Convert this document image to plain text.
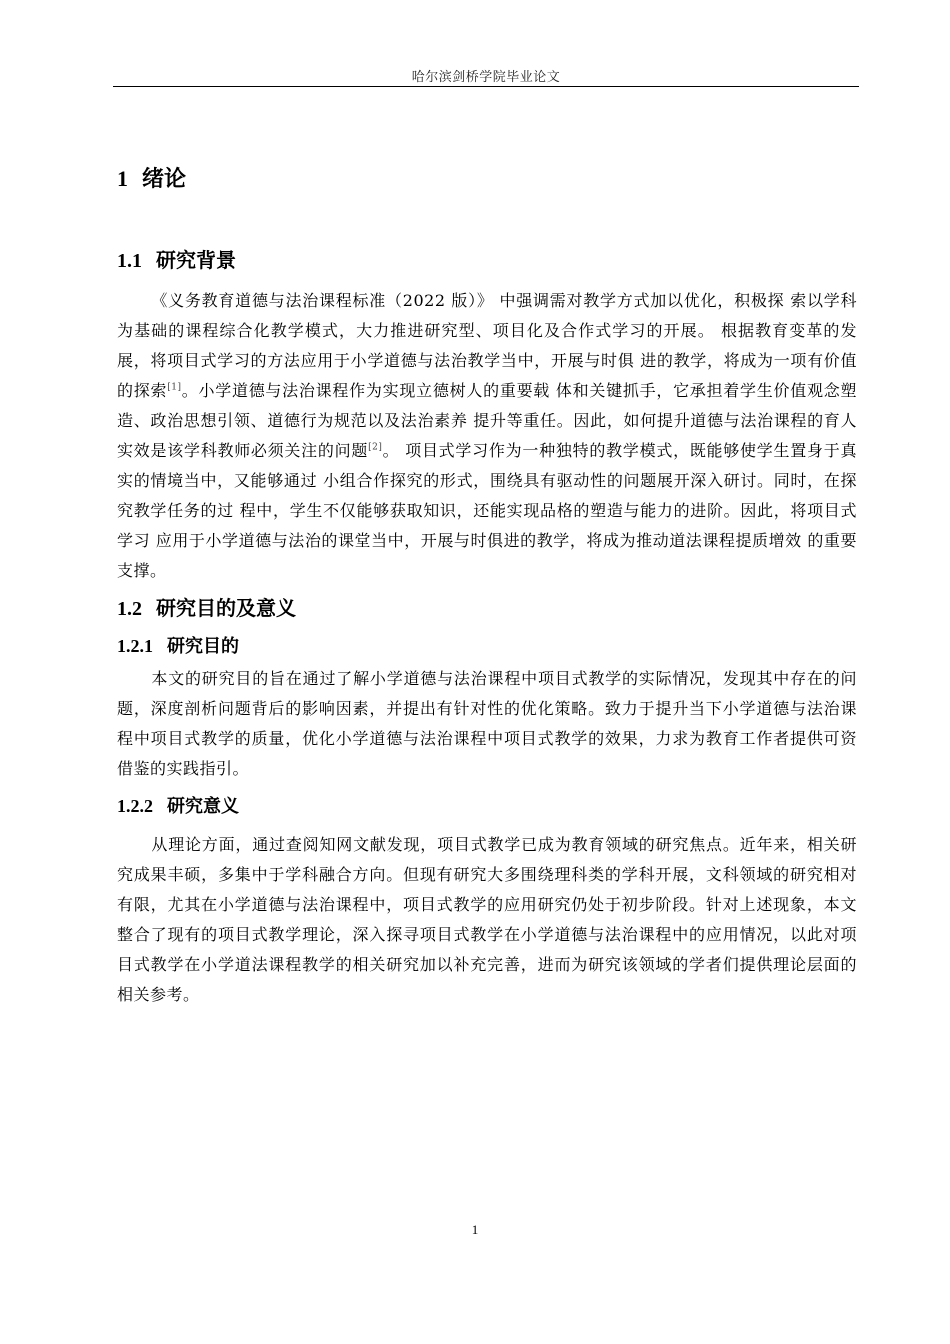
哈尔滨剑桥学院毕业论文
1 绪论
1.1 研究背景

《义务教育道德与法治课程标准（2022 版）》 中强调需对教学方式加以优化，积极探 索以学科为基础的课程综合化教学模式，大力推进研究型、项目化及合作式学习的开展。 根据教育变革的发展，将项目式学习的方法应用于小学道德与法治教学当中，开展与时俱 进的教学，将成为一项有价值的探索[1]。小学道德与法治课程作为实现立德树人的重要载 体和关键抓手，它承担着学生价值观念塑造、政治思想引领、道德行为规范以及法治素养 提升等重任。因此，如何提升道德与法治课程的育人实效是该学科教师必须关注的问题[2]。 项目式学习作为一种独特的教学模式，既能够使学生置身于真实的情境当中，又能够通过 小组合作探究的形式，围绕具有驱动性的问题展开深入研讨。同时，在探究教学任务的过 程中，学生不仅能够获取知识，还能实现品格的塑造与能力的进阶。因此，将项目式学习 应用于小学道德与法治的课堂当中，开展与时俱进的教学，将成为推动道法课程提质增效 的重要支撑。

1.2 研究目的及意义
1.2.1 研究目的

本文的研究目的旨在通过了解小学道德与法治课程中项目式教学的实际情况，发现其中存在的问题，深度剖析问题背后的影响因素，并提出有针对性的优化策略。致力于提升当下小学道德与法治课程中项目式教学的质量，优化小学道德与法治课程中项目式教学的效果，力求为教育工作者提供可资借鉴的实践指引。

1.2.2 研究意义

从理论方面，通过查阅知网文献发现，项目式教学已成为教育领域的研究焦点。近年来，相关研究成果丰硕，多集中于学科融合方向。但现有研究大多围绕理科类的学科开展，文科领域的研究相对有限，尤其在小学道德与法治课程中，项目式教学的应用研究仍处于初步阶段。针对上述现象，本文整合了现有的项目式教学理论，深入探寻项目式教学在小学道德与法治课程中的应用情况，以此对项目式教学在小学道法课程教学的相关研究加以补充完善，进而为研究该领域的学者们提供理论层面的相关参考。

1
